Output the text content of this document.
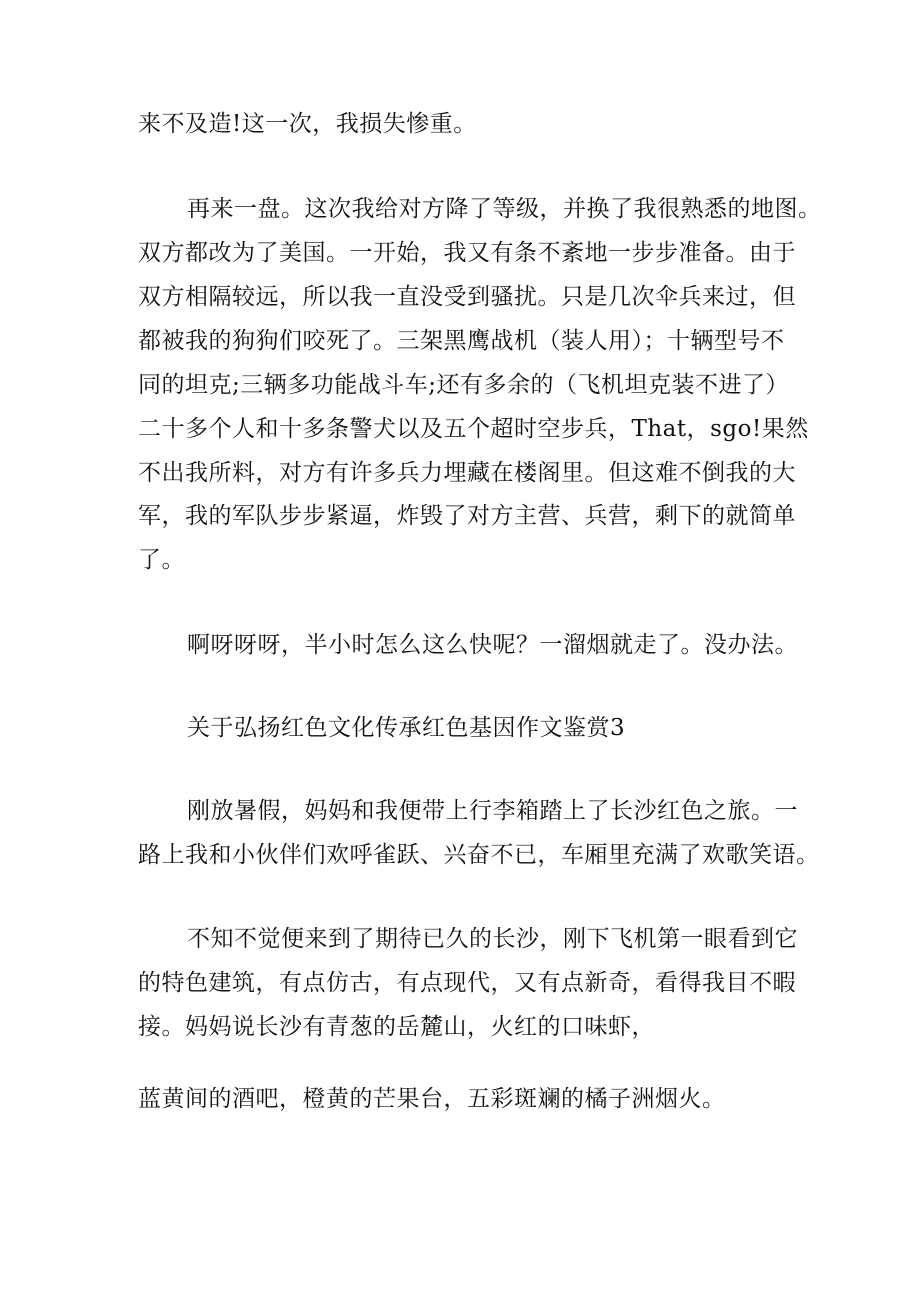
来不及造!这一次，我损失惨重。
再来一盘。这次我给对方降了等级，并换了我很熟悉的地图。
双方都改为了美国。一开始，我又有条不紊地一步步准备。由于
双方相隔较远，所以我一直没受到骚扰。只是几次伞兵来过，但
都被我的狗狗们咬死了。三架黑鹰战机（装人用）；十辆型号不
同的坦克;三辆多功能战斗车;还有多余的（飞机坦克装不进了）
二十多个人和十多条警犬以及五个超时空步兵，That，sgo!果然
不出我所料，对方有许多兵力埋藏在楼阁里。但这难不倒我的大
军，我的军队步步紧逼，炸毁了对方主营、兵营，剩下的就简单
了。
啊呀呀呀，半小时怎么这么快呢？一溜烟就走了。没办法。
关于弘扬红色文化传承红色基因作文鉴赏3
刚放暑假，妈妈和我便带上行李箱踏上了长沙红色之旅。一
路上我和小伙伴们欢呼雀跃、兴奋不已，车厢里充满了欢歌笑语。
不知不觉便来到了期待已久的长沙，刚下飞机第一眼看到它
的特色建筑，有点仿古，有点现代，又有点新奇，看得我目不暇
接。妈妈说长沙有青葱的岳麓山，火红的口味虾，
蓝黄间的酒吧，橙黄的芒果台，五彩斑斓的橘子洲烟火。
